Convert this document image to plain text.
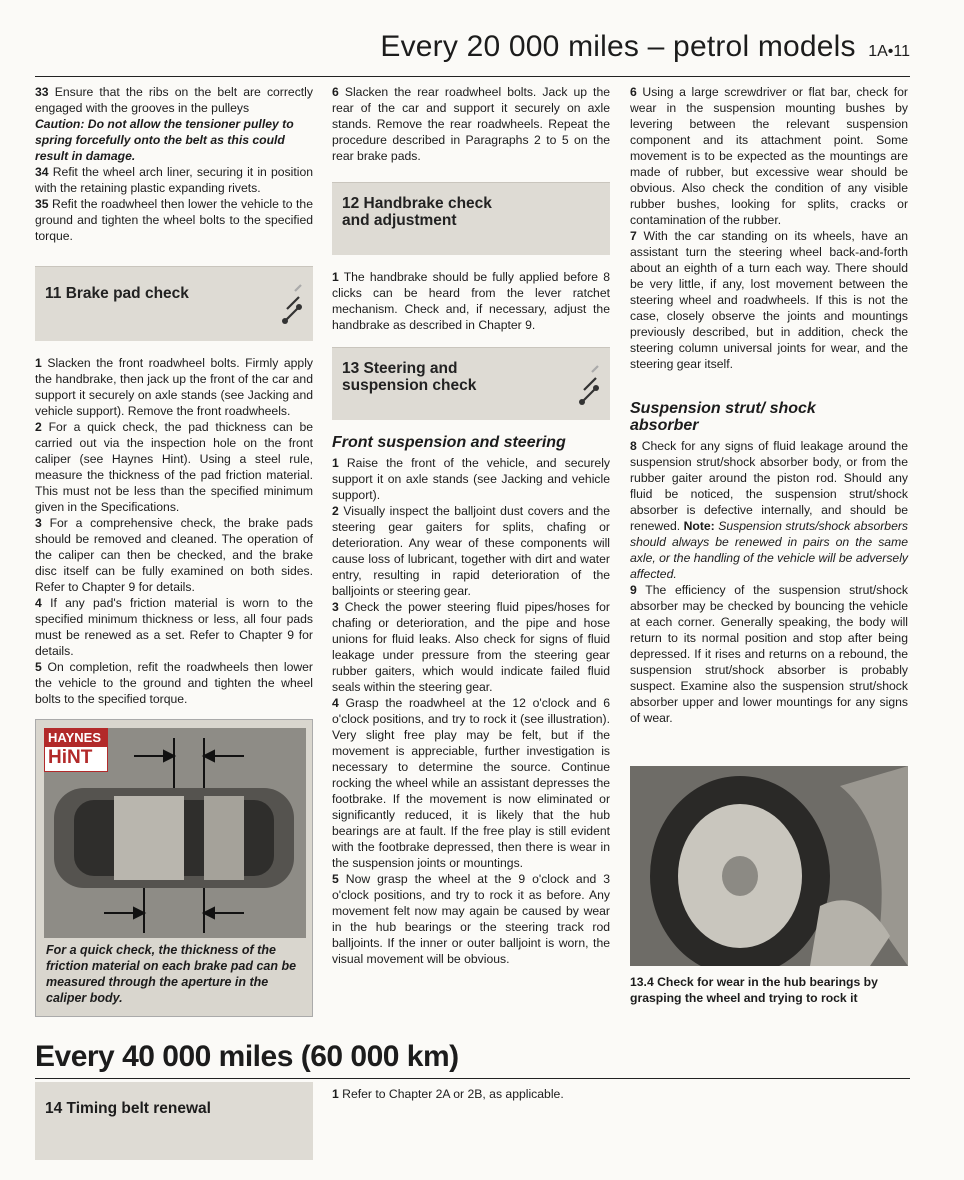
Every 20 000 miles – petrol models 1A•11

33 Ensure that the ribs on the belt are correctly engaged with the grooves in the pulleys

Caution: Do not allow the tensioner pulley to spring forcefully onto the belt as this could result in damage.

34 Refit the wheel arch liner, securing it in position with the retaining plastic expanding rivets.

35 Refit the roadwheel then lower the vehicle to the ground and tighten the wheel bolts to the specified torque.

11 Brake pad check

1 Slacken the front roadwheel bolts. Firmly apply the handbrake, then jack up the front of the car and support it securely on axle stands (see Jacking and vehicle support). Remove the front roadwheels.

2 For a quick check, the pad thickness can be carried out via the inspection hole on the front caliper (see Haynes Hint). Using a steel rule, measure the thickness of the pad friction material. This must not be less than the specified minimum given in the Specifications.

3 For a comprehensive check, the brake pads should be removed and cleaned. The operation of the caliper can then be checked, and the brake disc itself can be fully examined on both sides. Refer to Chapter 9 for details.

4 If any pad's friction material is worn to the specified minimum thickness or less, all four pads must be renewed as a set. Refer to Chapter 9 for details.

5 On completion, refit the roadwheels then lower the vehicle to the ground and tighten the wheel bolts to the specified torque.

HAYNES
HiNT
For a quick check, the thickness of the friction material on each brake pad can be measured through the aperture in the caliper body.

6 Slacken the rear roadwheel bolts. Jack up the rear of the car and support it securely on axle stands. Remove the rear roadwheels. Repeat the procedure described in Paragraphs 2 to 5 on the rear brake pads.

12 Handbrake check and adjustment

1 The handbrake should be fully applied before 8 clicks can be heard from the lever ratchet mechanism. Check and, if necessary, adjust the handbrake as described in Chapter 9.

13 Steering and suspension check
Front suspension and steering

1 Raise the front of the vehicle, and securely support it on axle stands (see Jacking and vehicle support).

2 Visually inspect the balljoint dust covers and the steering gear gaiters for splits, chafing or deterioration. Any wear of these components will cause loss of lubricant, together with dirt and water entry, resulting in rapid deterioration of the balljoints or steering gear.

3 Check the power steering fluid pipes/hoses for chafing or deterioration, and the pipe and hose unions for fluid leaks. Also check for signs of fluid leakage under pressure from the steering gear rubber gaiters, which would indicate failed fluid seals within the steering gear.

4 Grasp the roadwheel at the 12 o'clock and 6 o'clock positions, and try to rock it (see illustration). Very slight free play may be felt, but if the movement is appreciable, further investigation is necessary to determine the source. Continue rocking the wheel while an assistant depresses the footbrake. If the movement is now eliminated or significantly reduced, it is likely that the hub bearings are at fault. If the free play is still evident with the footbrake depressed, then there is wear in the suspension joints or mountings.

5 Now grasp the wheel at the 9 o'clock and 3 o'clock positions, and try to rock it as before. Any movement felt now may again be caused by wear in the hub bearings or the steering track rod balljoints. If the inner or outer balljoint is worn, the visual movement will be obvious.

6 Using a large screwdriver or flat bar, check for wear in the suspension mounting bushes by levering between the relevant suspension component and its attachment point. Some movement is to be expected as the mountings are made of rubber, but excessive wear should be obvious. Also check the condition of any visible rubber bushes, looking for splits, cracks or contamination of the rubber.

7 With the car standing on its wheels, have an assistant turn the steering wheel back-and-forth about an eighth of a turn each way. There should be very little, if any, lost movement between the steering wheel and roadwheels. If this is not the case, closely observe the joints and mountings previously described, but in addition, check the steering column universal joints for wear, and the steering gear itself.

Suspension strut/ shock absorber

8 Check for any signs of fluid leakage around the suspension strut/shock absorber body, or from the rubber gaiter around the piston rod. Should any fluid be noticed, the suspension strut/shock absorber is defective internally, and should be renewed. Note: Suspension struts/shock absorbers should always be renewed in pairs on the same axle, or the handling of the vehicle will be adversely affected.

9 The efficiency of the suspension strut/shock absorber may be checked by bouncing the vehicle at each corner. Generally speaking, the body will return to its normal position and stop after being depressed. If it rises and returns on a rebound, the suspension strut/shock absorber is probably suspect. Examine also the suspension strut/shock absorber upper and lower mountings for any signs of wear.

13.4 Check for wear in the hub bearings by grasping the wheel and trying to rock it
Every 40 000 miles (60 000 km)
14 Timing belt renewal
1 Refer to Chapter 2A or 2B, as applicable.
